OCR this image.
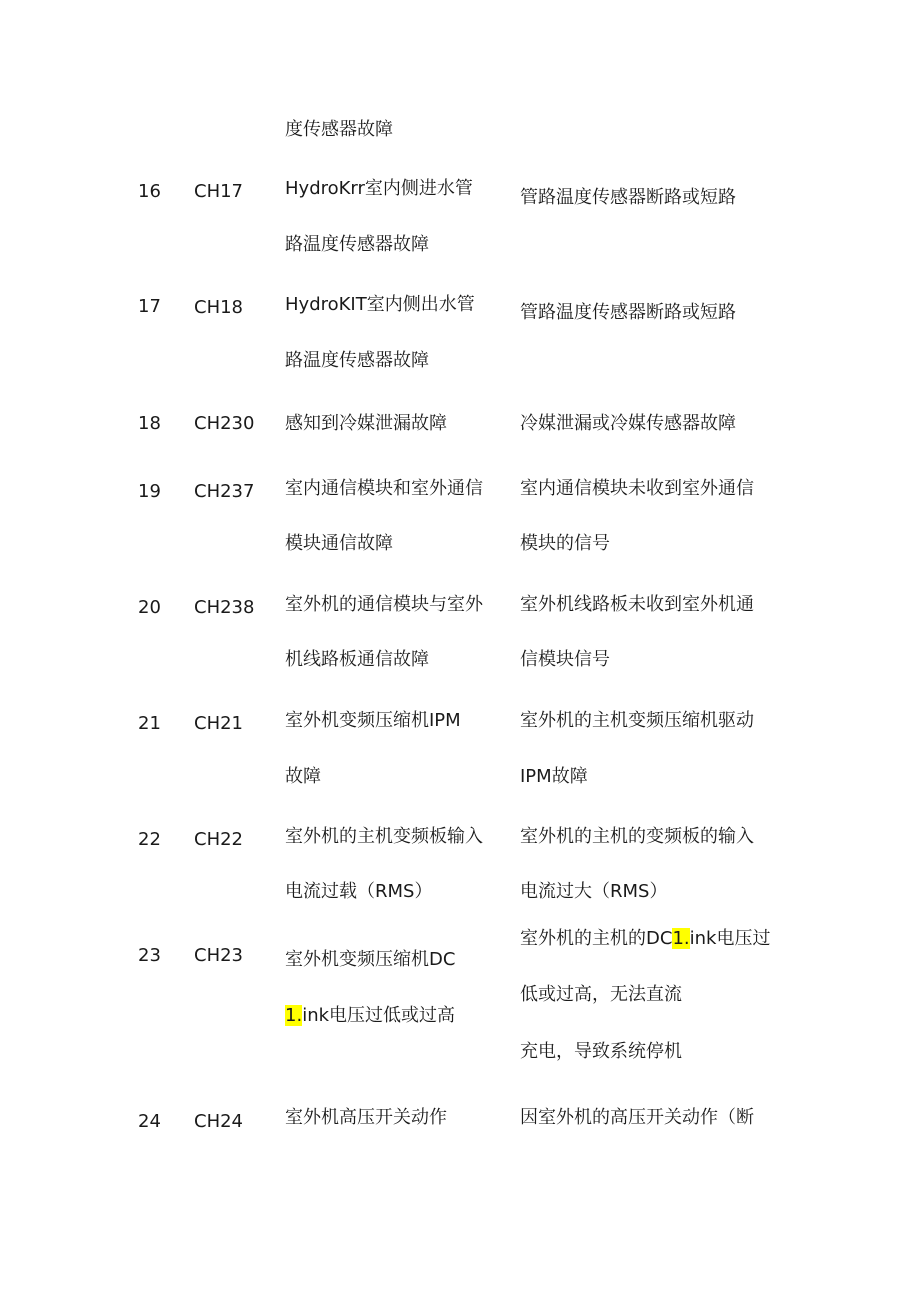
度传感器故障
16 CH17 HydroKrr室内侧进水管
路温度传感器故障
管路温度传感器断路或短路
17 CH18 HydroKIT室内侧出水管
路温度传感器故障
管路温度传感器断路或短路
18 CH230 感知到冷媒泄漏故障	冷媒泄漏或冷媒传感器故障
19 CH237 室内通信模块和室外通信
模块通信故障
室内通信模块未收到室外通信
模块的信号
20 CH238 室外机的通信模块与室外
机线路板通信故障
室外机线路板未收到室外机通
信模块信号
21 CH21 室外机变频压缩机IPM
故障
室外机的主机变频压缩机驱动
IPM故障
22 CH22 室外机的主机变频板输入
电流过载（RMS）
室外机的主机的变频板的输入
电流过大（RMS）
23 CH23 室外机变频压缩机DC
1.ink电压过低或过高
室外机的主机的DC1.ink电压过
低或过高，无法直流
充电，导致系统停机
24 CH24 室外机高压开关动作	因室外机的高压开关动作（断
